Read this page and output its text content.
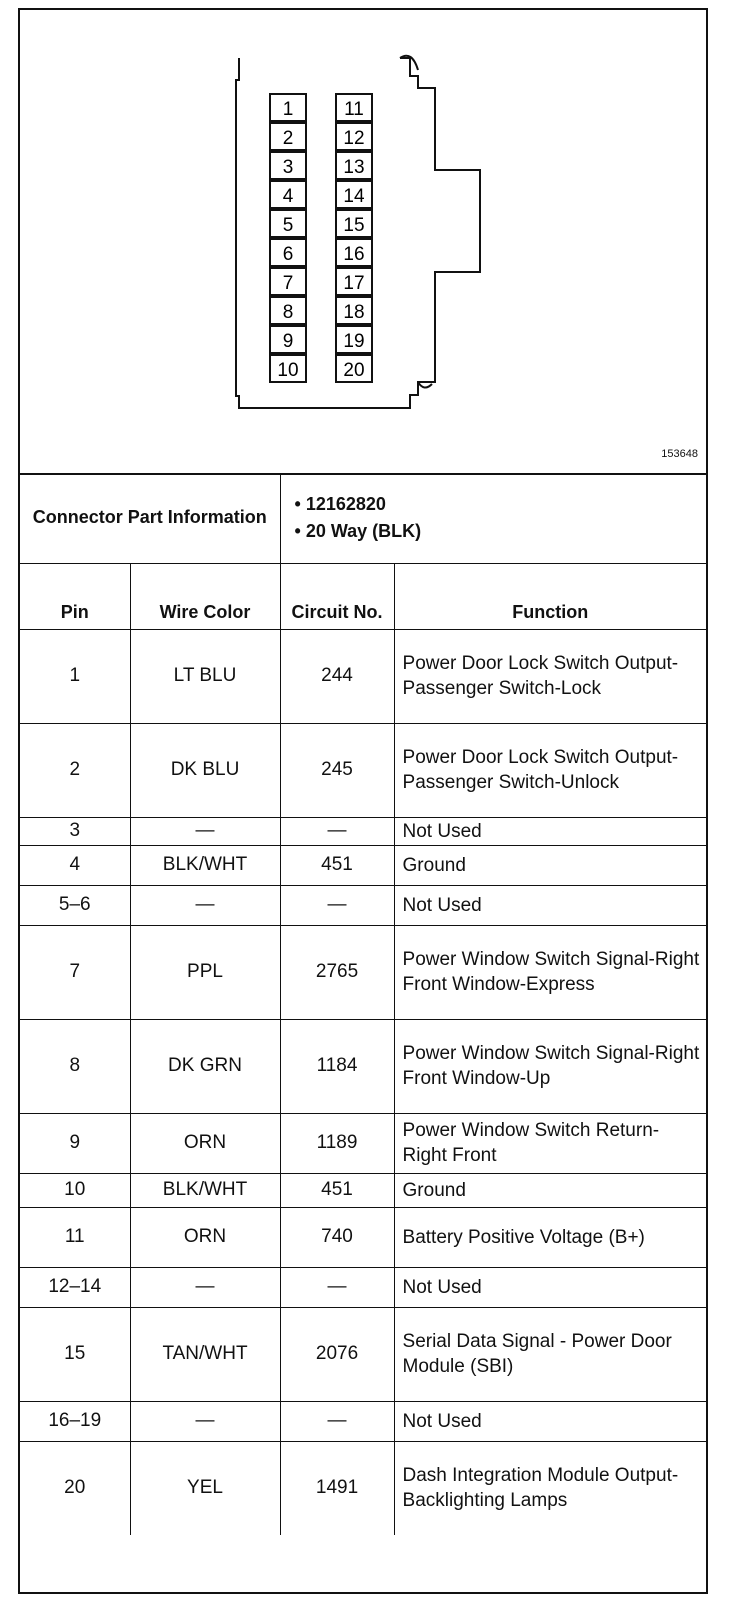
1
2
3
4
5
6
7
8
9
10
11
12
13
14
15
16
17
18
19
20
153648
Connector Part Information		• 12162820
• 20 Way (BLK)	

Pin	Wire Color	Circuit No.	Function
1	LT BLU	244	Power Door Lock Switch Output-Passenger Switch-Lock
2	DK BLU	245	Power Door Lock Switch Output-Passenger Switch-Unlock
3	—	—	Not Used
4	BLK/WHT	451	Ground
5–6	—	—	Not Used
7	PPL	2765	Power Window Switch Signal-Right Front Window-Express
8	DK GRN	1184	Power Window Switch Signal-Right Front Window-Up
9	ORN	1189	Power Window Switch Return-Right Front
10	BLK/WHT	451	Ground
11	ORN	740	Battery Positive Voltage (B+)
12–14	—	—	Not Used
15	TAN/WHT	2076	Serial Data Signal - Power Door Module (SBI)
16–19	—	—	Not Used
20	YEL	1491	Dash Integration Module Output-Backlighting Lamps
